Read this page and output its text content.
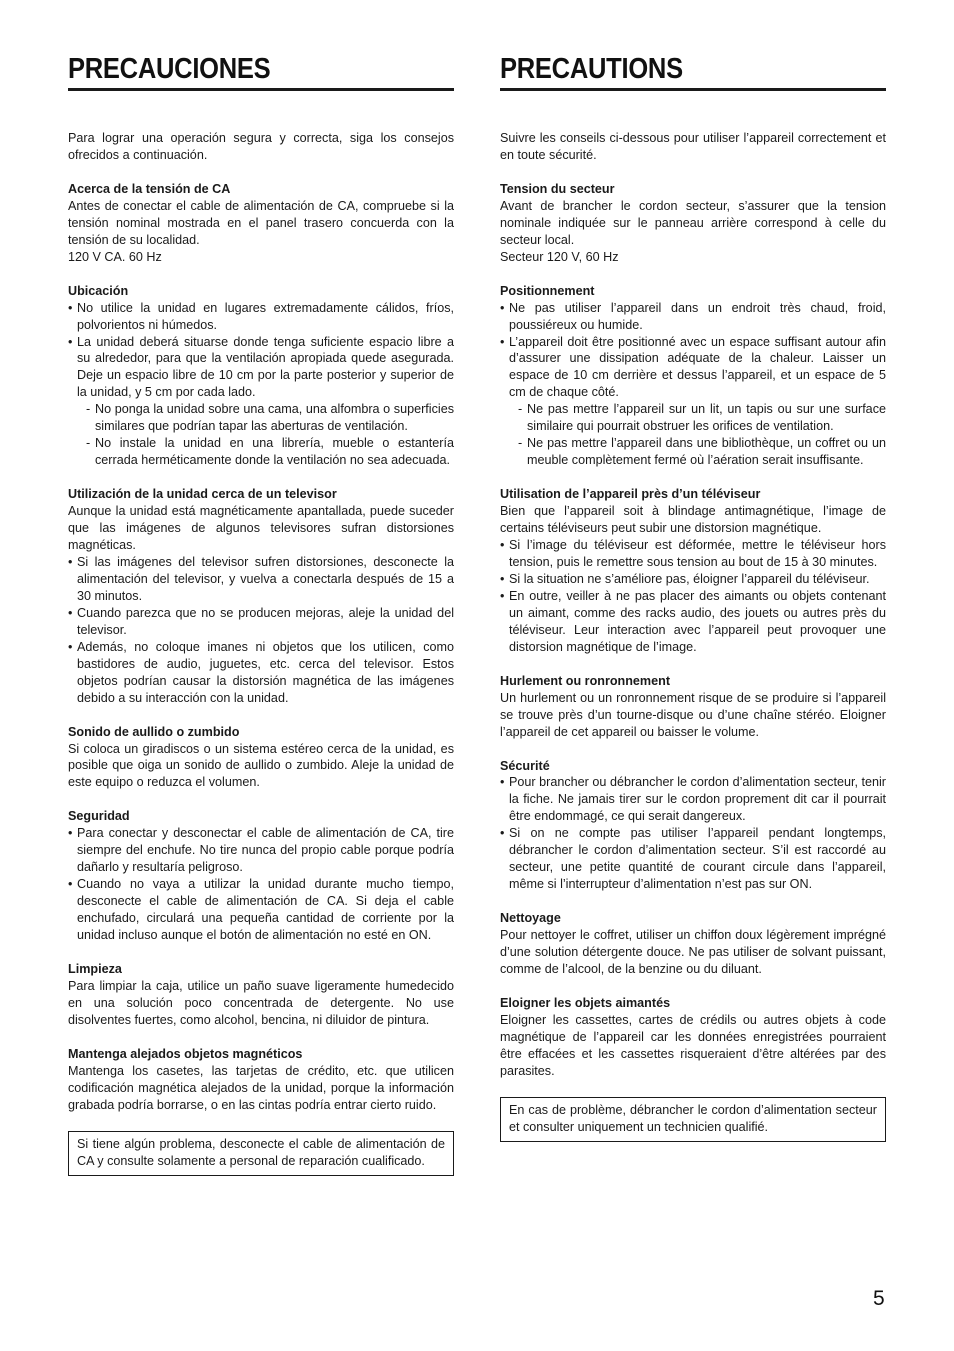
PRECAUCIONES

Para lograr una operación segura y correcta, siga los consejos ofrecidos a continuación.

Acerca de la tensión de CA

Antes de conectar el cable de alimentación de CA, compruebe si la tensión nominal mostrada en el panel trasero concuerda con la tensión de su localidad.

120 V CA. 60 Hz

Ubicación

• No utilice la unidad en lugares extremadamente cálidos, fríos, polvorientos ni húmedos.
• La unidad deberá situarse donde tenga suficiente espacio libre a su alrededor, para que la ventilación apropiada quede asegurada. Deje un espacio libre de 10 cm por la parte posterior y superior de la unidad, y 5 cm por cada lado.
- No ponga la unidad sobre una cama, una alfombra o superficies similares que podrían tapar las aberturas de ventilación.
- No instale la unidad en una librería, mueble o estantería cerrada herméticamente donde la ventilación no sea adecuada.

Utilización de la unidad cerca de un televisor

Aunque la unidad está magnéticamente apantallada, puede suceder que las imágenes de algunos televisores sufran distorsiones magnéticas.

• Si las imágenes del televisor sufren distorsiones, desconecte la alimentación del televisor, y vuelva a conectarla después de 15 a 30 minutos.
• Cuando parezca que no se producen mejoras, aleje la unidad del televisor.
• Además, no coloque imanes ni objetos que los utilicen, como bastidores de audio, juguetes, etc. cerca del televisor. Estos objetos podrían causar la distorsión magnética de las imágenes debido a su interacción con la unidad.

Sonido de aullido o zumbido

Si coloca un giradiscos o un sistema estéreo cerca de la unidad, es posible que oiga un sonido de aullido o zumbido. Aleje la unidad de este equipo o reduzca el volumen.

Seguridad

• Para conectar y desconectar el cable de alimentación de CA, tire siempre del enchufe. No tire nunca del propio cable porque podría dañarlo y resultaría peligroso.
• Cuando no vaya a utilizar la unidad durante mucho tiempo, desconecte el cable de alimentación de CA. Si deja el cable enchufado, circulará una pequeña cantidad de corriente por la unidad incluso aunque el botón de alimentación no esté en ON.

Limpieza

Para limpiar la caja, utilice un paño suave ligeramente humedecido en una solución poco concentrada de detergente. No use disolventes fuertes, como alcohol, bencina, ni diluidor de pintura.

Mantenga alejados objetos magnéticos

Mantenga los casetes, las tarjetas de crédito, etc. que utilicen codificación magnética alejados de la unidad, porque la información grabada podría borrarse, o en las cintas podría entrar cierto ruido.

Si tiene algún problema, desconecte el cable de alimentación de CA y consulte solamente a personal de reparación cualificado.
PRECAUTIONS

Suivre les conseils ci-dessous pour utiliser l’appareil correctement et en toute sécurité.

Tension du secteur

Avant de brancher le cordon secteur, s’assurer que la tension nominale indiquée sur le panneau arrière correspond à celle du secteur local.

Secteur 120 V, 60 Hz

Positionnement

• Ne pas utiliser l’appareil dans un endroit très chaud, froid, poussiéreux ou humide.
• L’appareil doit être positionné avec un espace suffisant autour afin d’assurer une dissipation adéquate de la chaleur. Laisser un espace de 10 cm derrière et dessus l’appareil, et un espace de 5 cm de chaque côté.
- Ne pas mettre l’appareil sur un lit, un tapis ou sur une surface similaire qui pourrait obstruer les orifices de ventilation.
- Ne pas mettre l’appareil dans une bibliothèque, un coffret ou un meuble complètement fermé où l’aération serait insuffisante.

Utilisation de l’appareil près d’un téléviseur

Bien que l’appareil soit à blindage antimagnétique, l’image de certains téléviseurs peut subir une distorsion magnétique.

• Si l’image du téléviseur est déformée, mettre le téléviseur hors tension, puis le remettre sous tension au bout de 15 à 30 minutes.
• Si la situation ne s’améliore pas, éloigner l’appareil du téléviseur.
• En outre, veiller à ne pas placer des aimants ou objets contenant un aimant, comme des racks audio, des jouets ou autres près du téléviseur. Leur interaction avec l’appareil peut provoquer une distorsion magnétique de l’image.

Hurlement ou ronronnement

Un hurlement ou un ronronnement risque de se produire si l’appareil se trouve près d’un tourne-disque ou d’une chaîne stéréo. Eloigner l’appareil de cet appareil ou baisser le volume.

Sécurité

• Pour brancher ou débrancher le cordon d’alimentation secteur, tenir la fiche. Ne jamais tirer sur le cordon proprement dit car il pourrait être endommagé, ce qui serait dangereux.
• Si on ne compte pas utiliser l’appareil pendant longtemps, débrancher le cordon d’alimentation secteur. S’il est raccordé au secteur, une petite quantité de courant circule dans l’appareil, même si l’interrupteur d’alimentation n’est pas sur ON.

Nettoyage

Pour nettoyer le coffret, utiliser un chiffon doux légèrement imprégné d’une solution détergente douce. Ne pas utiliser de solvant puissant, comme de l’alcool, de la benzine ou du diluant.

Eloigner les objets aimantés

Eloigner les cassettes, cartes de crédils ou autres objets à code magnétique de l’appareil car les données enregistrées pourraient être effacées et les cassettes risqueraient d’être altérées par des parasites.

En cas de problème, débrancher le cordon d’alimentation secteur et consulter uniquement un technicien qualifié.
5
